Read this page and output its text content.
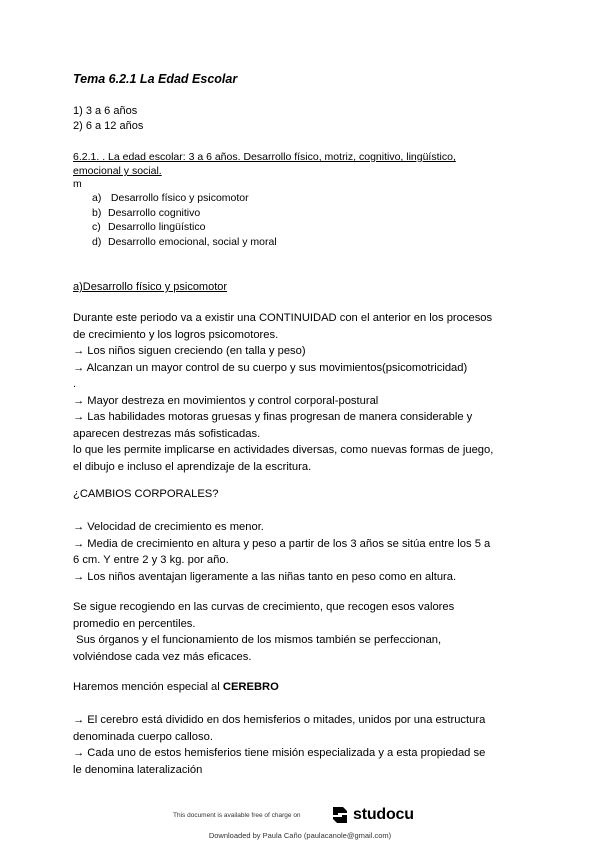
Tema 6.2.1 La Edad Escolar
1) 3 a 6 años
2) 6 a 12 años
6.2.1. . La edad escolar: 3 a 6 años. Desarrollo físico, motriz, cognitivo, lingüístico,
emocional y social.
m
a) Desarrollo físico y psicomotor
b) Desarrollo cognitivo
c) Desarrollo lingüístico
d) Desarrollo emocional, social y moral
a)Desarrollo físico y psicomotor

Durante este periodo va a existir una CONTINUIDAD con el anterior en los procesos

de crecimiento y los logros psicomotores.

→ Los niños siguen creciendo (en talla y peso)

→ Alcanzan un mayor control de su cuerpo y sus movimientos(psicomotricidad)

.

→ Mayor destreza en movimientos y control corporal-postural

→ Las habilidades motoras gruesas y finas progresan de manera considerable y

aparecen destrezas más sofisticadas.

lo que les permite implicarse en actividades diversas, como nuevas formas de juego,

el dibujo e incluso el aprendizaje de la escritura.

¿CAMBIOS CORPORALES?

→ Velocidad de crecimiento es menor.

→ Media de crecimiento en altura y peso a partir de los 3 años se sitúa entre los 5 a

6 cm. Y entre 2 y 3 kg. por año.

→ Los niños aventajan ligeramente a las niñas tanto en peso como en altura.

Se sigue recogiendo en las curvas de crecimiento, que recogen esos valores

promedio en percentiles.

Sus órganos y el funcionamiento de los mismos también se perfeccionan,

volviéndose cada vez más eficaces.

Haremos mención especial al CEREBRO

→ El cerebro está dividido en dos hemisferios o mitades, unidos por una estructura

denominada cuerpo calloso.

→ Cada uno de estos hemisferios tiene misión especializada y a esta propiedad se

le denomina lateralización

This document is available free of charge on	studocu
Downloaded by Paula Caño (paulacanole@gmail.com)
